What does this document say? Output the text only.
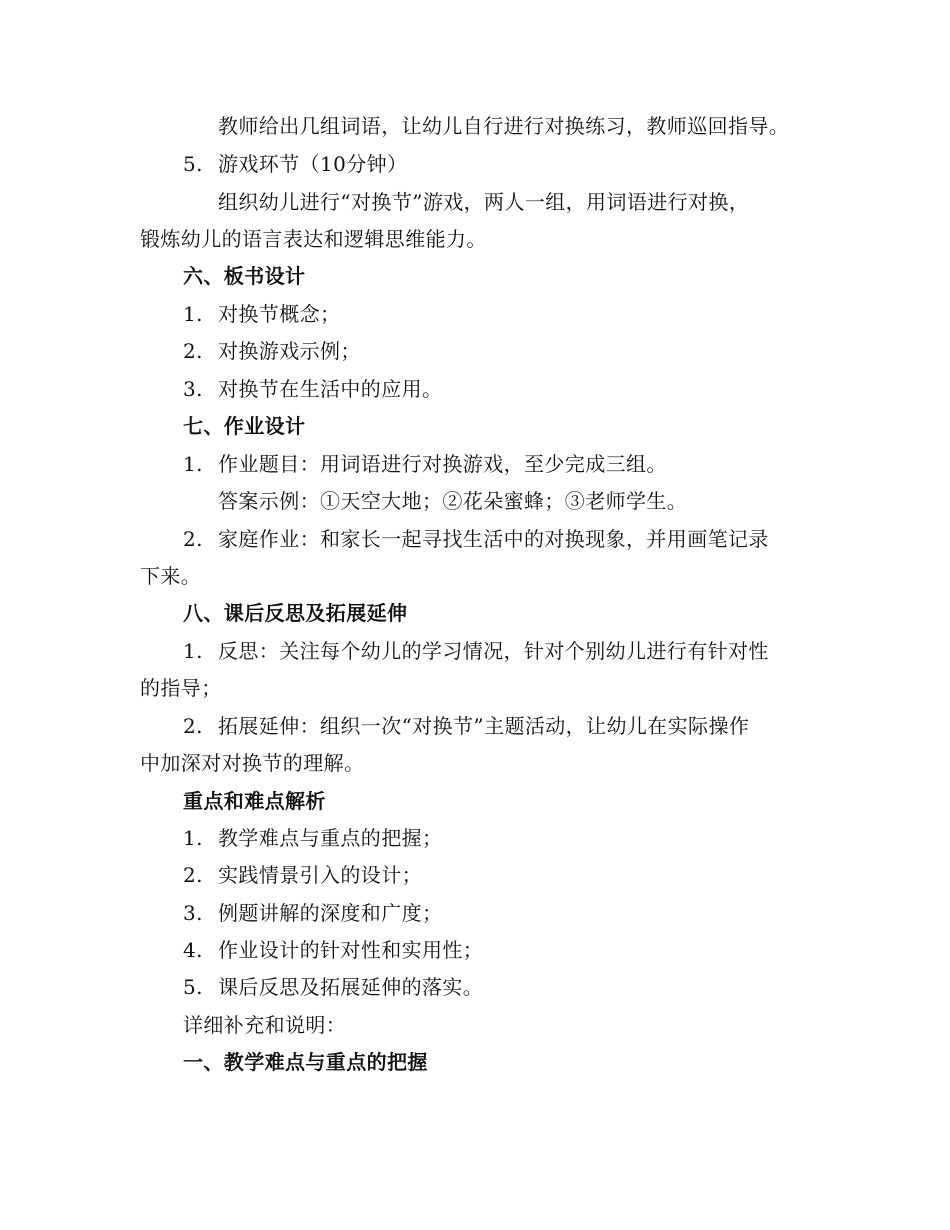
教师给出几组词语，让幼儿自行进行对换练习，教师巡回指导。
5. 游戏环节（10分钟）
组织幼儿进行“对换节”游戏，两人一组，用词语进行对换，
锻炼幼儿的语言表达和逻辑思维能力。
六、板书设计
1. 对换节概念；
2. 对换游戏示例；
3. 对换节在生活中的应用。
七、作业设计
1. 作业题目：用词语进行对换游戏，至少完成三组。
答案示例：①天空大地；②花朵蜜蜂；③老师学生。
2. 家庭作业：和家长一起寻找生活中的对换现象，并用画笔记录
下来。
八、课后反思及拓展延伸
1. 反思：关注每个幼儿的学习情况，针对个别幼儿进行有针对性
的指导；
2. 拓展延伸：组织一次“对换节”主题活动，让幼儿在实际操作
中加深对对换节的理解。
重点和难点解析
1. 教学难点与重点的把握；
2. 实践情景引入的设计；
3. 例题讲解的深度和广度；
4. 作业设计的针对性和实用性；
5. 课后反思及拓展延伸的落实。
详细补充和说明：
一、教学难点与重点的把握
